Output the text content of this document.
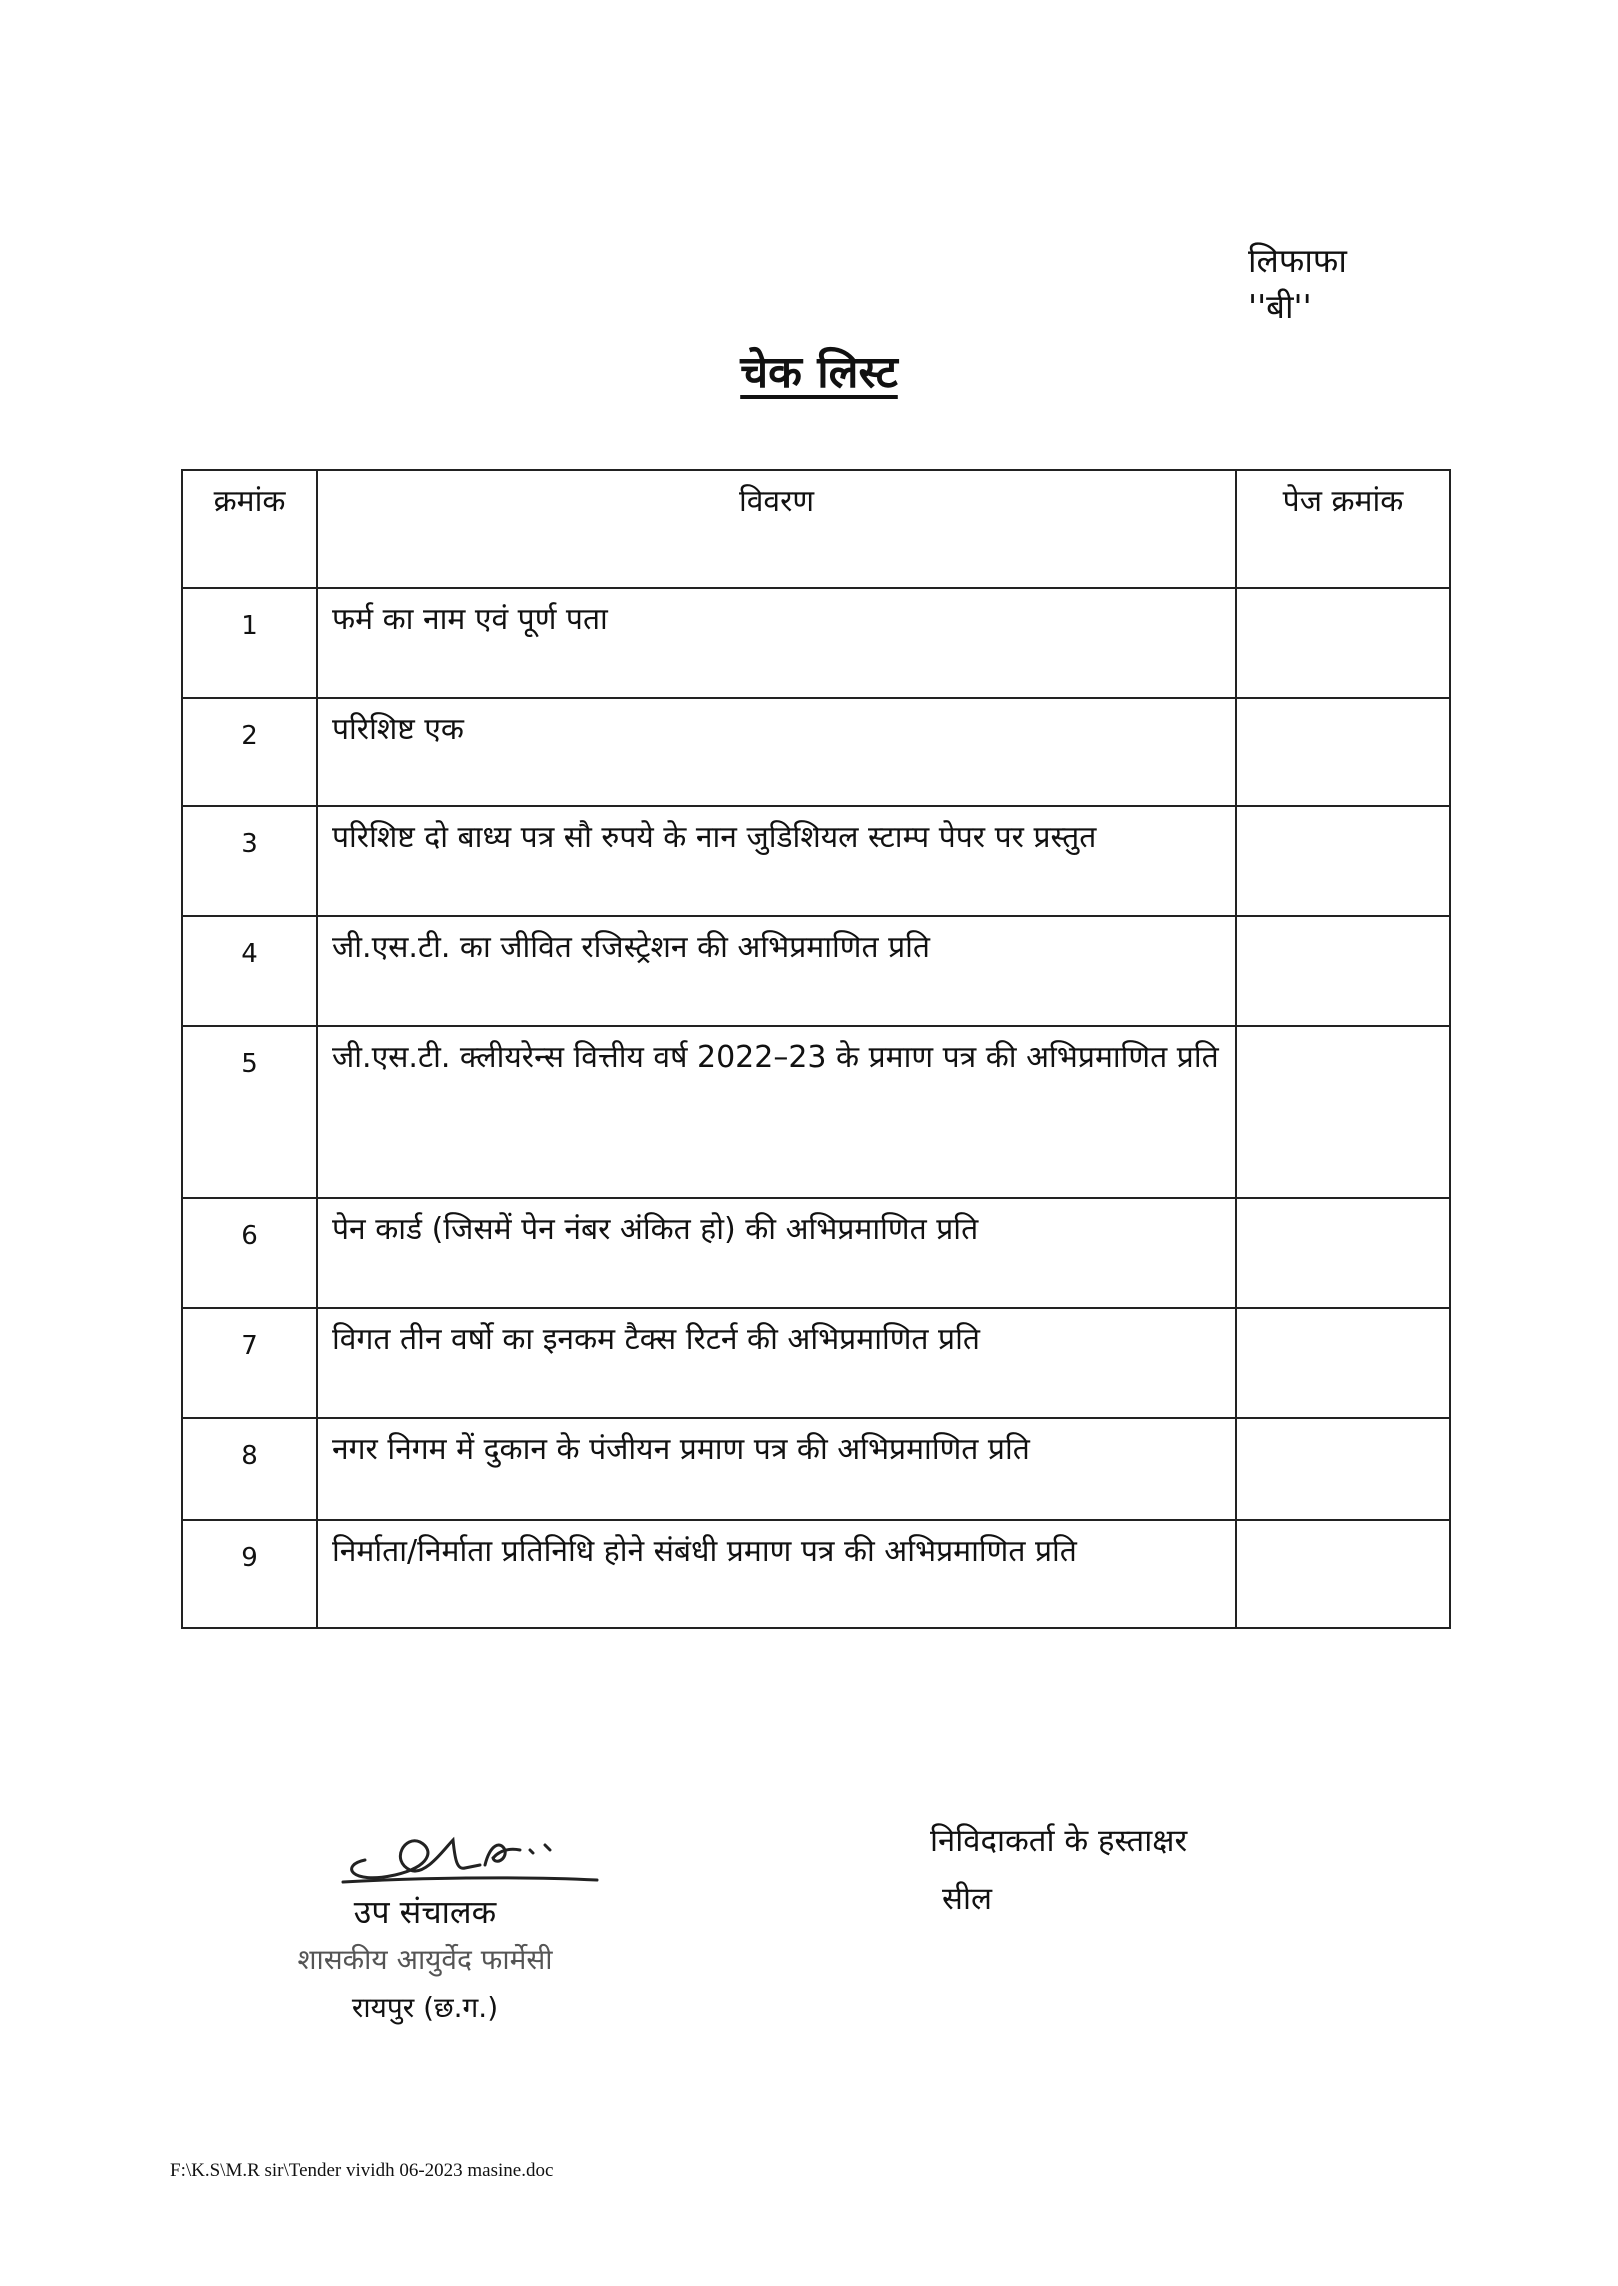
लिफाफा
''बी''
चेक लिस्ट
क्रमांक	विवरण	पेज क्रमांक
1	फर्म का नाम एवं पूर्ण पता	
2	परिशिष्ट एक	
3	परिशिष्ट दो बाध्य पत्र सौ रुपये के नान जुडिशियल स्टाम्प पेपर पर प्रस्तुत	
4	जी.एस.टी. का जीवित रजिस्ट्रेशन की अभिप्रमाणित प्रति	
5	जी.एस.टी. क्लीयरेन्स वित्तीय वर्ष 2022–23 के प्रमाण पत्र की अभिप्रमाणित प्रति	
6	पेन कार्ड (जिसमें पेन नंबर अंकित हो) की अभिप्रमाणित प्रति	
7	विगत तीन वर्षो का इनकम टैक्स रिटर्न की अभिप्रमाणित प्रति	
8	नगर निगम में दुकान के पंजीयन प्रमाण पत्र की अभिप्रमाणित प्रति	
9	निर्माता/निर्माता प्रतिनिधि होने संबंधी प्रमाण पत्र की अभिप्रमाणित प्रति	
उप संचालक
शासकीय आयुर्वेद फार्मेसी
रायपुर (छ.ग.)
निविदाकर्ता के हस्ताक्षर
सील
F:\K.S\M.R sir\Tender vividh 06-2023 masine.doc
